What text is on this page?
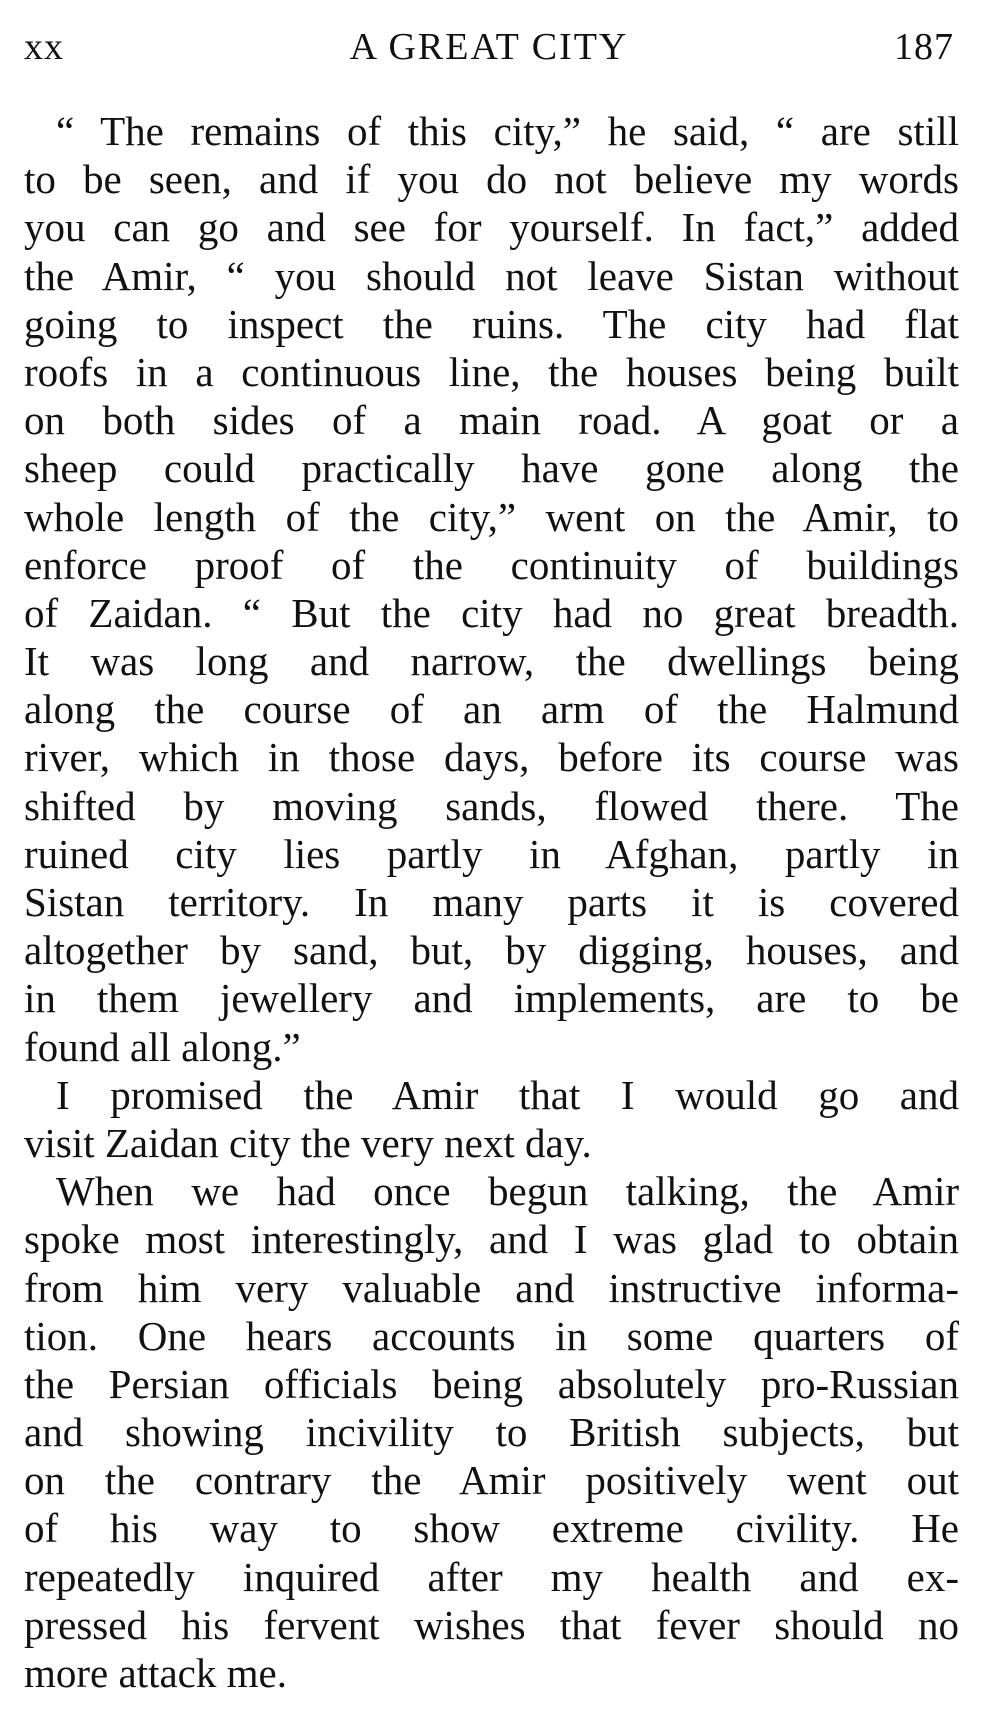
xx	A GREAT CITY	187
“ The remains of this city,” he said, “ are still
to be seen, and if you do not believe my words
you can go and see for yourself. In fact,” added
the Amir, “ you should not leave Sistan without
going to inspect the ruins. The city had flat
roofs in a continuous line, the houses being built
on both sides of a main road. A goat or a
sheep could practically have gone along the
whole length of the city,” went on the Amir, to
enforce proof of the continuity of buildings
of Zaidan. “ But the city had no great breadth.
It was long and narrow, the dwellings being
along the course of an arm of the Halmund
river, which in those days, before its course was
shifted by moving sands, flowed there. The
ruined city lies partly in Afghan, partly in
Sistan territory. In many parts it is covered
altogether by sand, but, by digging, houses, and
in them jewellery and implements, are to be
found all along.”
I promised the Amir that I would go and
visit Zaidan city the very next day.
When we had once begun talking, the Amir
spoke most interestingly, and I was glad to obtain
from him very valuable and instructive informa-
tion. One hears accounts in some quarters of
the Persian officials being absolutely pro-Russian
and showing incivility to British subjects, but
on the contrary the Amir positively went out
of his way to show extreme civility. He
repeatedly inquired after my health and ex-
pressed his fervent wishes that fever should no
more attack me.
